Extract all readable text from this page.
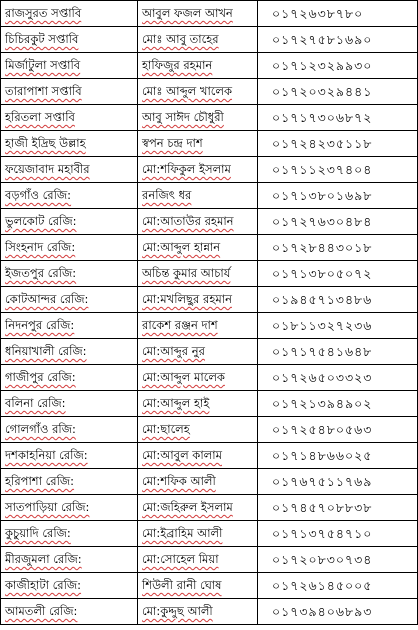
রাজসুরত সপ্তাবি	আবুল ফজল আখন	০১৭২৬৩৮৭৮০
চিচিরকুট সপ্তাবি	মোঃ আবু তাহের	০১৭২৭৫৮১৬৯০
মির্জাটুলা সপ্তাবি	হাফিজুর রহমান	০১৭১২৩২৯৯৩০
তারাপাশা সপ্তাবি	মোঃ আব্দুল খালেক	০১৭২০৩২৯৪৪১
হরিতলা সপ্তাবি	আবু সাঈদ চৌধুরী	০১৭১৭৩০৬৮৭২
হাজী ইদ্রিছ উল্লাহ	স্বপন চন্দ্র দাশ	০১৭২৪২৩৫১১৮
ফয়েজাবাদ মহাবীর	মো:শফিকুল ইসলাম	০১৭১১২৩৭৪০৪
বড়গাঁও রেজি:	রনজিৎ ধর	০১৭১৩৮০১৬৯৮
ভুলকোট রেজি:	মো:আতাউর রহমান	০১৭২৭৬৩০৪৮৪
সিংহনাদ রেজি:	মো:আব্দুল হান্নান	০১৭২৮৪৪৩০১৮
ইজতপুর রেজি:	অচিন্ত কুমার আচার্য	০১৭১৩৮০৫০৭২
কোটআন্দর রেজি:	মো:মখলিছুর রহমান	০১৯৪৫৭১৩৪৮৬
নিদনপুর রেজি:	রাকেশ রঞ্জন দাশ	০১৮১১৩২৭২৩৬
ধনিয়াখালী রেজি:	মো:আব্দুর নুর	০১৭১৭৫৪১৬৪৮
গাজীপুর রেজি:	মো:আব্দুল মালেক	০১৭২৬৫০৩৩২৩
বলিনা রেজি:	মো:আব্দুল হাই	০১৭২১৩৯৪৯০২
গোলগাঁও রজি:	মো:ছালেহ	০১৭২৫৪৮০৫৬৩
দশকাহনিয়া রেজি:	মো:আবুল কালাম	০১৭১৪৮৬৬০২৫
হরিপাশা রেজি:	মো:শফিক আলী	০১৭৬৭৫১১৭৬৯
সাতপাড়িয়া রেজি:	মো:জহিরুল ইসলাম	০১৭৪৫৭০৮৮৩৮
কুচুয়াদি রেজি:	মো:ইব্রাহিম আলী	০১৭১৩৭৫৪৭১০
মীরজুমলা রেজি:	মো:সোহেল মিয়া	০১৭২০৮৩০৭৩৪
কাজীহাটা রেজি:	শিউলী রানী ঘোষ	০১৭২৬১৪৫০০৫
আমতলী রেজি:	মো:কুদ্দুছ আলী	০১৭৩৯৪০৬৮৯৩
